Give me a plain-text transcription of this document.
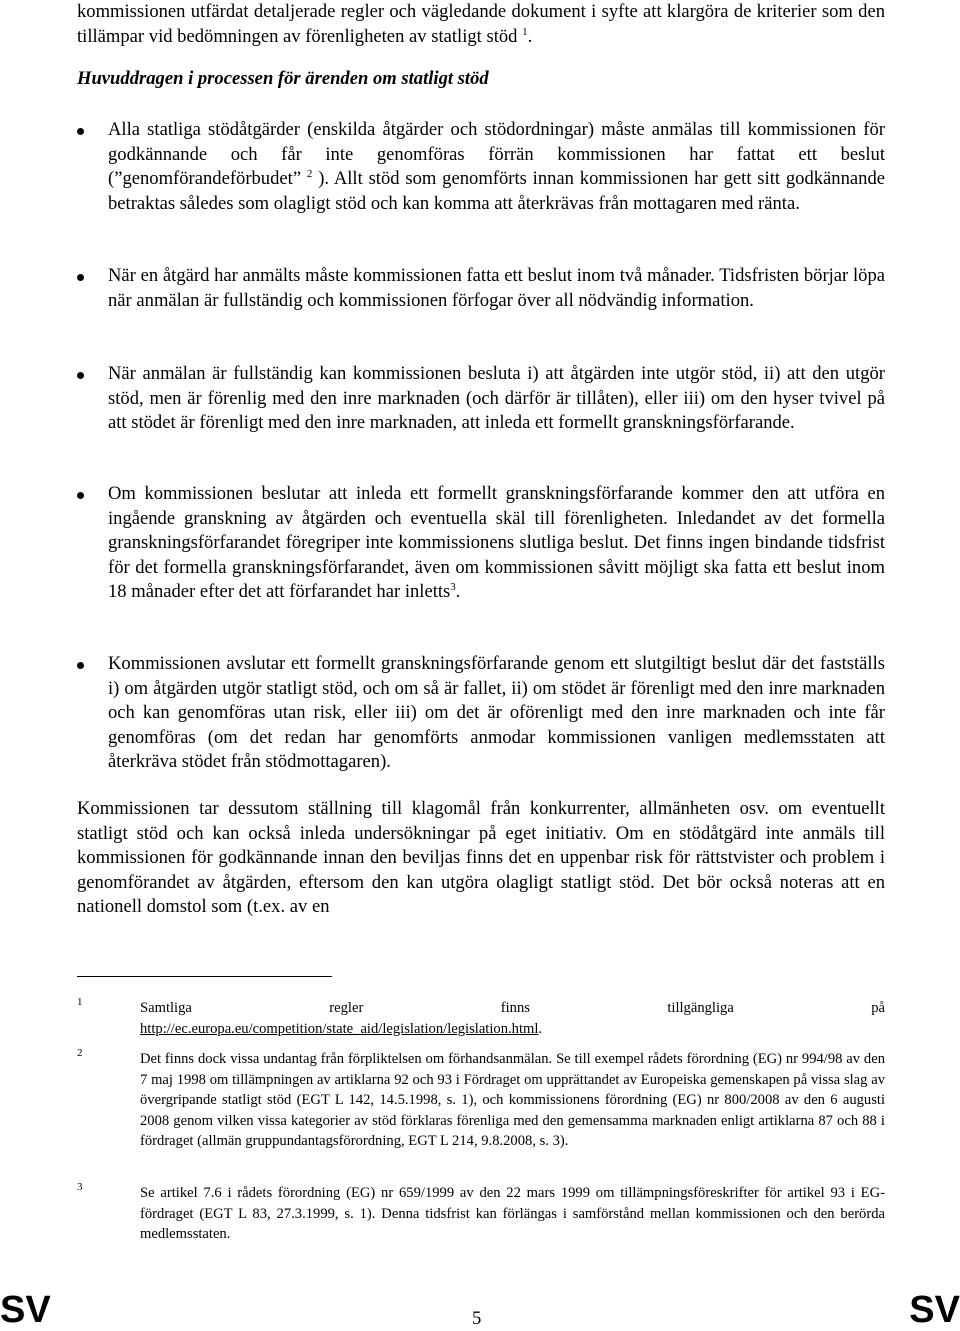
kommissionen utfärdat detaljerade regler och vägledande dokument i syfte att klargöra de kriterier som den tillämpar vid bedömningen av förenligheten av statligt stöd $^1$.

Huvuddragen i processen för ärenden om statligt stöd

Alla statliga stödåtgärder (enskilda åtgärder och stödordningar) måste anmälas till kommissionen för godkännande och får inte genomföras förrän kommissionen har fattat ett beslut (”genomförandeförbudet” $^2$ ). Allt stöd som genomförts innan kommissionen har gett sitt godkännande betraktas således som olagligt stöd och kan komma att återkrävas från mottagaren med ränta.

När en åtgärd har anmälts måste kommissionen fatta ett beslut inom två månader. Tidsfristen börjar löpa när anmälan är fullständig och kommissionen förfogar över all nödvändig information.

När anmälan är fullständig kan kommissionen besluta i) att åtgärden inte utgör stöd, ii) att den utgör stöd, men är förenlig med den inre marknaden (och därför är tillåten), eller iii) om den hyser tvivel på att stödet är förenligt med den inre marknaden, att inleda ett formellt granskningsförfarande.

Om kommissionen beslutar att inleda ett formellt granskningsförfarande kommer den att utföra en ingående granskning av åtgärden och eventuella skäl till förenligheten. Inledandet av det formella granskningsförfarandet föregriper inte kommissionens slutliga beslut. Det finns ingen bindande tidsfrist för det formella granskningsförfarandet, även om kommissionen såvitt möjligt ska fatta ett beslut inom 18 månader efter det att förfarandet har inletts$^3$.

Kommissionen avslutar ett formellt granskningsförfarande genom ett slutgiltigt beslut där det fastställs i) om åtgärden utgör statligt stöd, och om så är fallet, ii) om stödet är förenligt med den inre marknaden och kan genomföras utan risk, eller iii) om det är oförenligt med den inre marknaden och inte får genomföras (om det redan har genomförts anmodar kommissionen vanligen medlemsstaten att återkräva stödet från stödmottagaren).

Kommissionen tar dessutom ställning till klagomål från konkurrenter, allmänheten osv. om eventuellt statligt stöd och kan också inleda undersökningar på eget initiativ. Om en stödåtgärd inte anmäls till kommissionen för godkännande innan den beviljas finns det en uppenbar risk för rättstvister och problem i genomförandet av åtgärden, eftersom den kan utgöra olagligt statligt stöd. Det bör också noteras att en nationell domstol som (t.ex. av en

1	Samtliga regler finns tillgängliga på
http://ec.europa.eu/competition/state_aid/legislation/legislation.html.

2	Det finns dock vissa undantag från förpliktelsen om förhandsanmälan. Se till exempel rådets förordning (EG) nr 994/98 av den 7 maj 1998 om tillämpningen av artiklarna 92 och 93 i Fördraget om upprättandet av Europeiska gemenskapen på vissa slag av övergripande statligt stöd (EGT L 142, 14.5.1998, s. 1), och kommissionens förordning (EG) nr 800/2008 av den 6 augusti 2008 genom vilken vissa kategorier av stöd förklaras förenliga med den gemensamma marknaden enligt artiklarna 87 och 88 i fördraget (allmän gruppundantagsförordning, EGT L 214, 9.8.2008, s. 3).

3	Se artikel 7.6 i rådets förordning (EG) nr 659/1999 av den 22 mars 1999 om tillämpningsföreskrifter för artikel 93 i EG-fördraget (EGT L 83, 27.3.1999, s. 1). Denna tidsfrist kan förlängas i samförstånd mellan kommissionen och den berörda medlemsstaten.

SV	5	SV
